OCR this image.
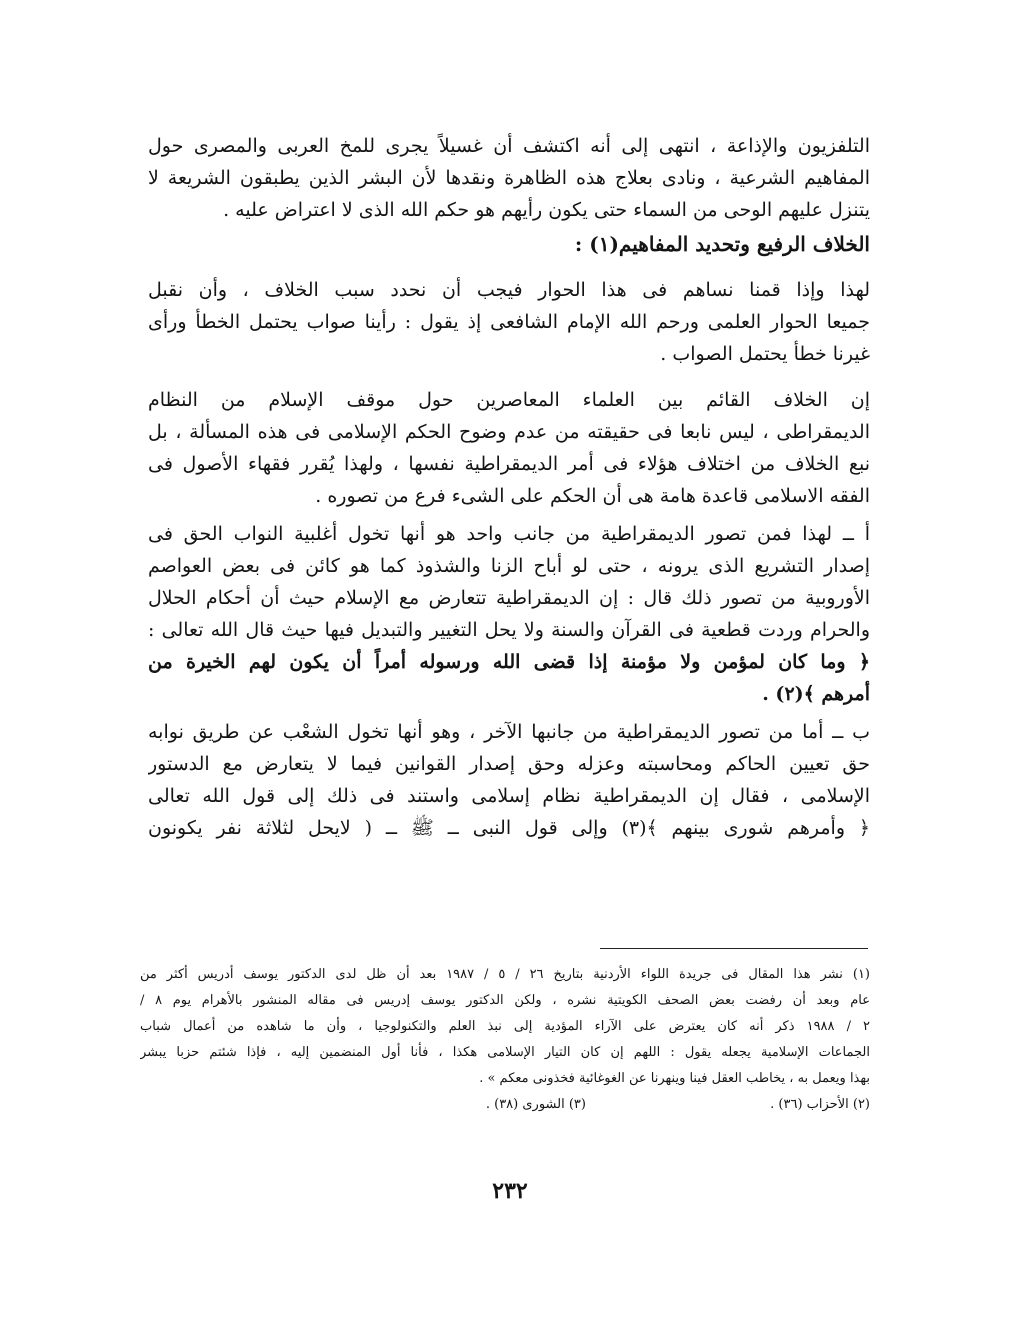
التلفزيون والإذاعة ، انتهى إلى أنه اكتشف أن غسيلاً يجرى للمخ العربى والمصرى حول
المفاهيم الشرعية ، ونادى بعلاج هذه الظاهرة ونقدها لأن البشر الذين يطبقون الشريعة لا
يتنزل عليهم الوحى من السماء حتى يكون رأيهم هو حكم الله الذى لا اعتراض عليه .
الخلاف الرفيع وتحديد المفاهيم(١) :
لهذا وإذا قمنا نساهم فى هذا الحوار فيجب أن نحدد سبب الخلاف ، وأن نقبل
جميعا الحوار العلمى ورحم الله الإمام الشافعى إذ يقول : رأينا صواب يحتمل الخطأ ورأى
غيرنا خطأ يحتمل الصواب .
إن الخلاف القائم بين العلماء المعاصرين حول موقف الإسلام من النظام
الديمقراطى ، ليس نابعا فى حقيقته من عدم وضوح الحكم الإسلامى فى هذه المسألة ، بل
نبع الخلاف من اختلاف هؤلاء فى أمر الديمقراطية نفسها ، ولهذا يُقرر فقهاء الأصول فى
الفقه الاسلامى قاعدة هامة هى أن الحكم على الشىء فرع من تصوره .
أ ــ لهذا فمن تصور الديمقراطية من جانب واحد هو أنها تخول أغلبية النواب الحق فى
إصدار التشريع الذى يرونه ، حتى لو أباح الزنا والشذوذ كما هو كائن فى بعض العواصم
الأوروبية من تصور ذلك قال : إن الديمقراطية تتعارض مع الإسلام حيث أن أحكام الحلال
والحرام وردت قطعية فى القرآن والسنة ولا يحل التغيير والتبديل فيها حيث قال الله تعالى :
﴿ وما كان لمؤمن ولا مؤمنة إذا قضى الله ورسوله أمراً أن يكون لهم الخيرة من
أمرهم ﴾(٢) .
ب ــ أما من تصور الديمقراطية من جانبها الآخر ، وهو أنها تخول الشعْب عن طريق نوابه
حق تعيين الحاكم ومحاسبته وعزله وحق إصدار القوانين فيما لا يتعارض مع الدستور
الإسلامى ، فقال إن الديمقراطية نظام إسلامى واستند فى ذلك إلى قول الله تعالى
﴿ وأمرهم شورى بينهم ﴾(٣) وإلى قول النبى ــ ﷺ ــ ( لايحل لثلاثة نفر يكونون
(١) نشر هذا المقال فى جريدة اللواء الأردنية بتاريخ ٢٦ / ٥ / ١٩٨٧ بعد أن ظل لدى الدكتور يوسف أدريس أكثر من
عام وبعد أن رفضت بعض الصحف الكويتية نشره ، ولكن الدكتور يوسف إدريس فى مقاله المنشور بالأهرام يوم ٨ /
٢ / ١٩٨٨ ذكر أنه كان يعترض على الآراء المؤدية إلى نبذ العلم والتكنولوجيا ، وأن ما شاهده من أعمال شباب
الجماعات الإسلامية يجعله يقول : اللهم إن كان التيار الإسلامى هكذا ، فأنا أول المنضمين إليه ، فإذا شئتم حزبا يبشر
بهذا ويعمل به ، يخاطب العقل فينا وينهرنا عن الغوغائية فخذونى معكم » .
(٢) الأحزاب (٣٦) . (٣) الشورى (٣٨) .
٢٣٢
